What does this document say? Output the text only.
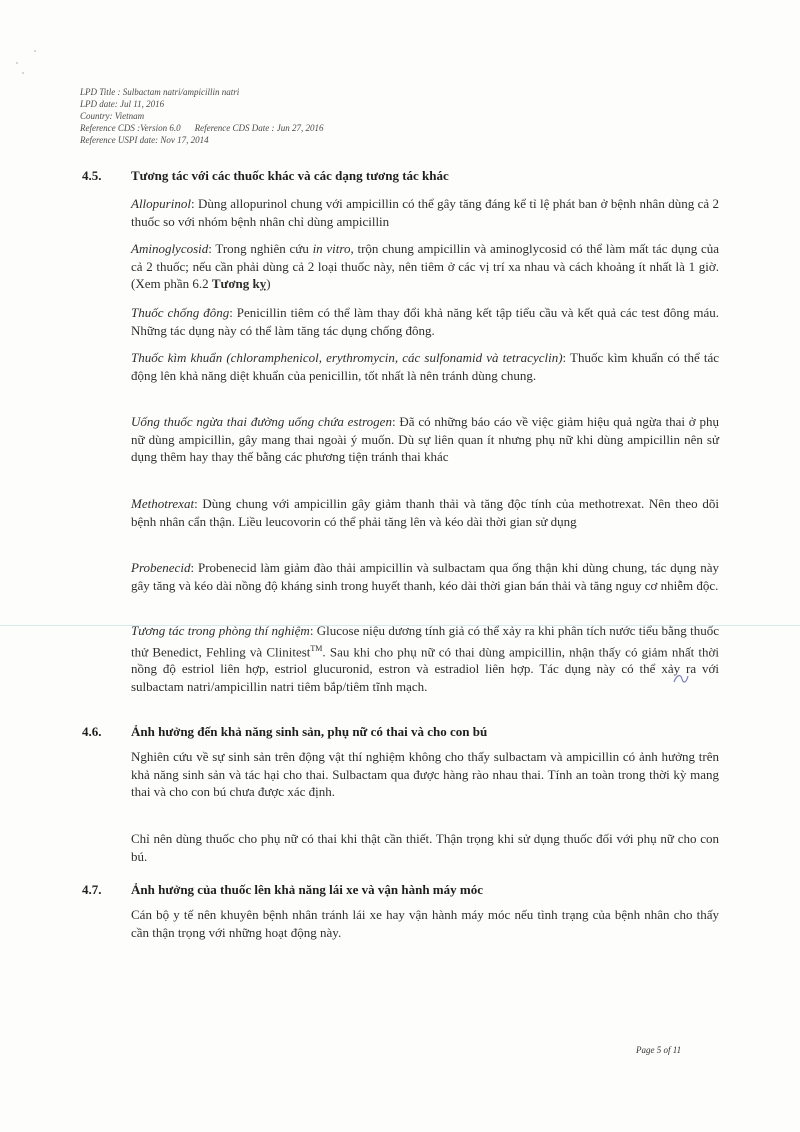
LPD Title : Sulbactam natri/ampicillin natri
LPD date: Jul 11, 2016
Country: Vietnam
Reference CDS :Version 6.0 Reference CDS Date : Jun 27, 2016
Reference USPI date: Nov 17, 2014
4.5. Tương tác với các thuốc khác và các dạng tương tác khác
Allopurinol: Dùng allopurinol chung với ampicillin có thể gây tăng đáng kể tỉ lệ phát ban ở bệnh nhân dùng cả 2 thuốc so với nhóm bệnh nhân chỉ dùng ampicillin
Aminoglycosid: Trong nghiên cứu in vitro, trộn chung ampicillin và aminoglycosid có thể làm mất tác dụng của cả 2 thuốc; nếu cần phải dùng cả 2 loại thuốc này, nên tiêm ở các vị trí xa nhau và cách khoảng ít nhất là 1 giờ. (Xem phần 6.2 Tương kỵ)
Thuốc chống đông: Penicillin tiêm có thể làm thay đổi khả năng kết tập tiểu cầu và kết quả các test đông máu. Những tác dụng này có thể làm tăng tác dụng chống đông.
Thuốc kìm khuẩn (chloramphenicol, erythromycin, các sulfonamid và tetracyclin): Thuốc kìm khuẩn có thể tác động lên khả năng diệt khuẩn của penicillin, tốt nhất là nên tránh dùng chung.
Uống thuốc ngừa thai đường uống chứa estrogen: Đã có những báo cáo về việc giảm hiệu quả ngừa thai ở phụ nữ dùng ampicillin, gây mang thai ngoài ý muốn. Dù sự liên quan ít nhưng phụ nữ khi dùng ampicillin nên sử dụng thêm hay thay thế bằng các phương tiện tránh thai khác
Methotrexat: Dùng chung với ampicillin gây giảm thanh thải và tăng độc tính của methotrexat. Nên theo dõi bệnh nhân cẩn thận. Liều leucovorin có thể phải tăng lên và kéo dài thời gian sử dụng
Probenecid: Probenecid làm giảm đào thải ampicillin và sulbactam qua ống thận khi dùng chung, tác dụng này gây tăng và kéo dài nồng độ kháng sinh trong huyết thanh, kéo dài thời gian bán thải và tăng nguy cơ nhiễm độc.
Tương tác trong phòng thí nghiệm: Glucose niệu dương tính giả có thể xảy ra khi phân tích nước tiểu bằng thuốc thử Benedict, Fehling và Clinitest™. Sau khi cho phụ nữ có thai dùng ampicillin, nhận thấy có giảm nhất thời nồng độ estriol liên hợp, estriol glucuronid, estron và estradiol liên hợp. Tác dụng này có thể xảy ra với sulbactam natri/ampicillin natri tiêm bắp/tiêm tĩnh mạch.
4.6. Ảnh hưởng đến khả năng sinh sản, phụ nữ có thai và cho con bú
Nghiên cứu về sự sinh sản trên động vật thí nghiệm không cho thấy sulbactam và ampicillin có ảnh hưởng trên khả năng sinh sản và tác hại cho thai. Sulbactam qua được hàng rào nhau thai. Tính an toàn trong thời kỳ mang thai và cho con bú chưa được xác định.
Chỉ nên dùng thuốc cho phụ nữ có thai khi thật cần thiết. Thận trọng khi sử dụng thuốc đối với phụ nữ cho con bú.
4.7. Ảnh hưởng của thuốc lên khả năng lái xe và vận hành máy móc
Cán bộ y tế nên khuyên bệnh nhân tránh lái xe hay vận hành máy móc nếu tình trạng của bệnh nhân cho thấy cần thận trọng với những hoạt động này.
Page 5 of 11
